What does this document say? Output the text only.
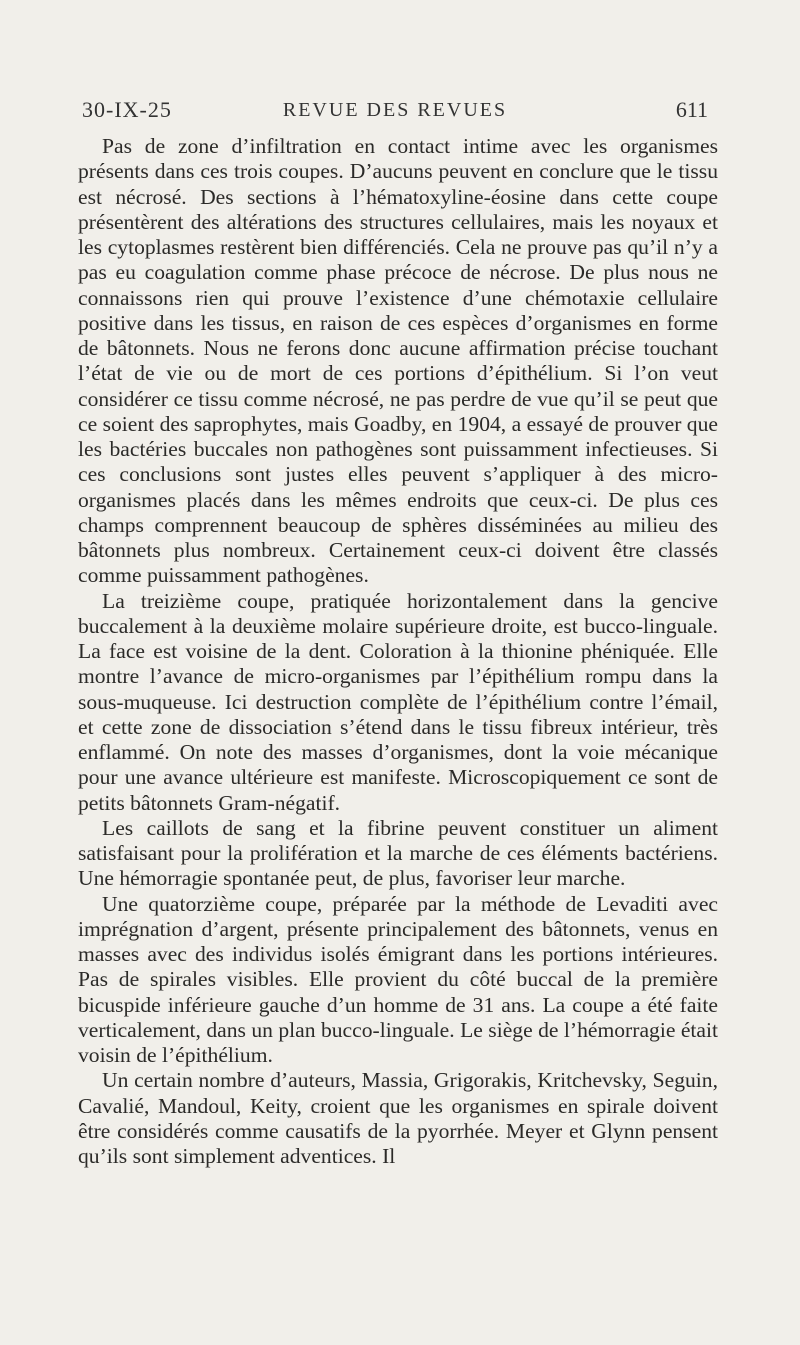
30-IX-25	REVUE DES REVUES	611

Pas de zone d’infiltration en contact intime avec les organismes présents dans ces trois coupes. D’aucuns peuvent en conclure que le tissu est nécrosé. Des sections à l’hématoxyline-éosine dans cette coupe présentèrent des altérations des structures cellulaires, mais les noyaux et les cytoplasmes restèrent bien différenciés. Cela ne prouve pas qu’il n’y a pas eu coagulation comme phase précoce de nécrose. De plus nous ne connaissons rien qui prouve l’existence d’une chémotaxie cellulaire positive dans les tissus, en raison de ces espèces d’organismes en forme de bâtonnets. Nous ne ferons donc aucune affirmation précise touchant l’état de vie ou de mort de ces portions d’épithélium. Si l’on veut considérer ce tissu comme nécrosé, ne pas perdre de vue qu’il se peut que ce soient des saprophytes, mais Goadby, en 1904, a essayé de prouver que les bactéries buccales non pathogènes sont puissamment infectieuses. Si ces conclusions sont justes elles peuvent s’appliquer à des micro-organismes placés dans les mêmes endroits que ceux-ci. De plus ces champs comprennent beaucoup de sphères disséminées au milieu des bâtonnets plus nombreux. Certainement ceux-ci doivent être classés comme puissamment pathogènes.

La treizième coupe, pratiquée horizontalement dans la gencive buccalement à la deuxième molaire supérieure droite, est bucco-linguale. La face est voisine de la dent. Coloration à la thionine phéniquée. Elle montre l’avance de micro-organismes par l’épithélium rompu dans la sous-muqueuse. Ici destruction complète de l’épithélium contre l’émail, et cette zone de dissociation s’étend dans le tissu fibreux intérieur, très enflammé. On note des masses d’organismes, dont la voie mécanique pour une avance ultérieure est manifeste. Microscopiquement ce sont de petits bâtonnets Gram-négatif.

Les caillots de sang et la fibrine peuvent constituer un aliment satisfaisant pour la prolifération et la marche de ces éléments bactériens. Une hémorragie spontanée peut, de plus, favoriser leur marche.

Une quatorzième coupe, préparée par la méthode de Levaditi avec imprégnation d’argent, présente principalement des bâtonnets, venus en masses avec des individus isolés émigrant dans les portions intérieures. Pas de spirales visibles. Elle provient du côté buccal de la première bicuspide inférieure gauche d’un homme de 31 ans. La coupe a été faite verticalement, dans un plan bucco-linguale. Le siège de l’hémorragie était voisin de l’épithélium.

Un certain nombre d’auteurs, Massia, Grigorakis, Kritchevsky, Seguin, Cavalié, Mandoul, Keity, croient que les organismes en spirale doivent être considérés comme causatifs de la pyorrhée. Meyer et Glynn pensent qu’ils sont simplement adventices. Il
